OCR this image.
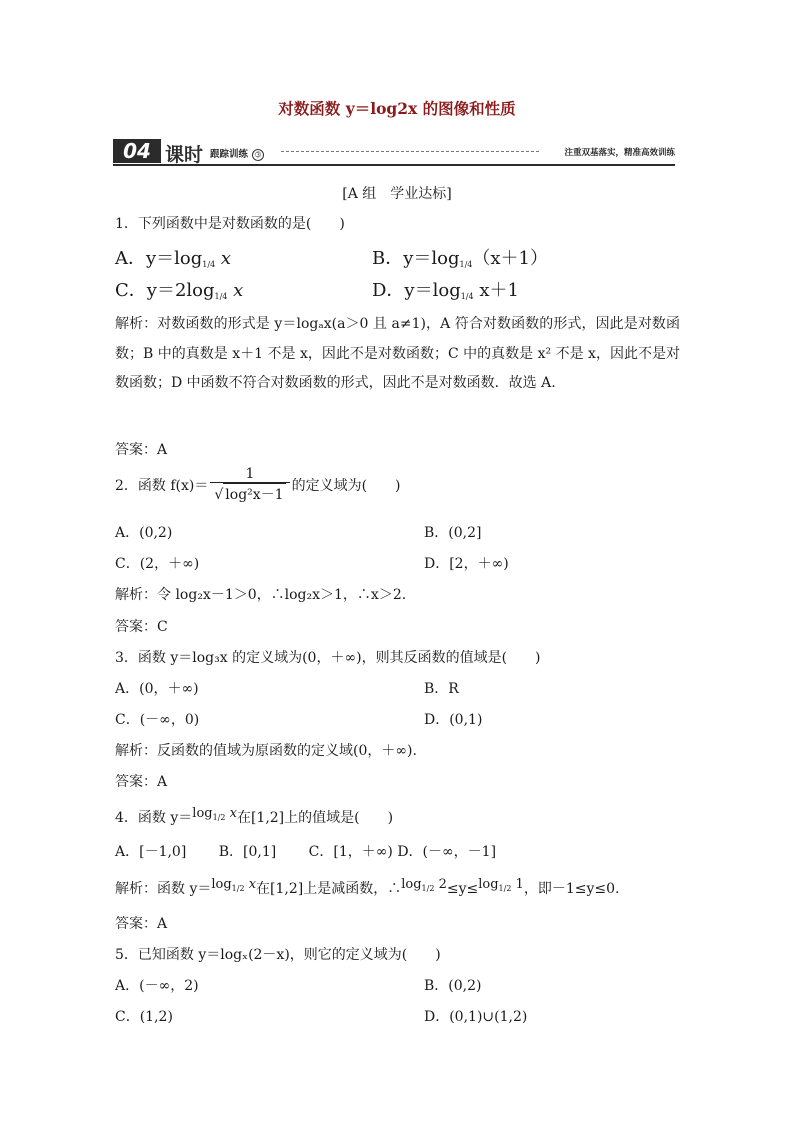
对数函数 y＝log2x 的图像和性质
04 课时 跟踪训练 ➂	注重双基落实，精准高效训练
[A 组　学业达标]
1．下列函数中是对数函数的是(　　)
A．y＝log1/4 x	B．y＝log1/4（x＋1）
C．y＝2log1/4 x	D．y＝log1/4 x＋1
解析：对数函数的形式是 y＝logₐx(a＞0 且 a≠1)，A 符合对数函数的形式，因此是对数函数；B 中的真数是 x＋1 不是 x，因此不是对数函数；C 中的真数是 x² 不是 x，因此不是对数函数；D 中函数不符合对数函数的形式，因此不是对数函数．故选 A.
答案：A
2．函数 $f(x)= \frac{1}{\text{√ log²x－1}}$ 的定义域为(　　)
A．(0,2)	B．(0,2]
C．(2，＋∞)	D．[2，＋∞)
解析：令 log₂x－1＞0，∴log₂x＞1，∴x＞2.
答案：C
3．函数 y＝log₃x 的定义域为(0，＋∞)，则其反函数的值域是(　　)
A．(0，＋∞)	B．R
C．(－∞，0)	D．(0,1)
解析：反函数的值域为原函数的定义域(0，＋∞).
答案：A
4．函数 $y=\log_{1/2}$ x在[1,2]上的值域是(　　)
A．[－1,0]　　 B．[0,1]　　 C．[1，＋∞) D．(－∞，－1]
解析：函数 $y=\log_{1/2}$ x在[1,2]上是减函数，$\therefore\log_{1/2}$ $2\le y\le\log_{1/2}$ 1，即－1≤y≤0.
答案：A
5．已知函数 y＝logₓ(2－x)，则它的定义域为(　　)
A．(－∞，2)	B．(0,2)
C．(1,2)	D．(0,1)∪(1,2)
